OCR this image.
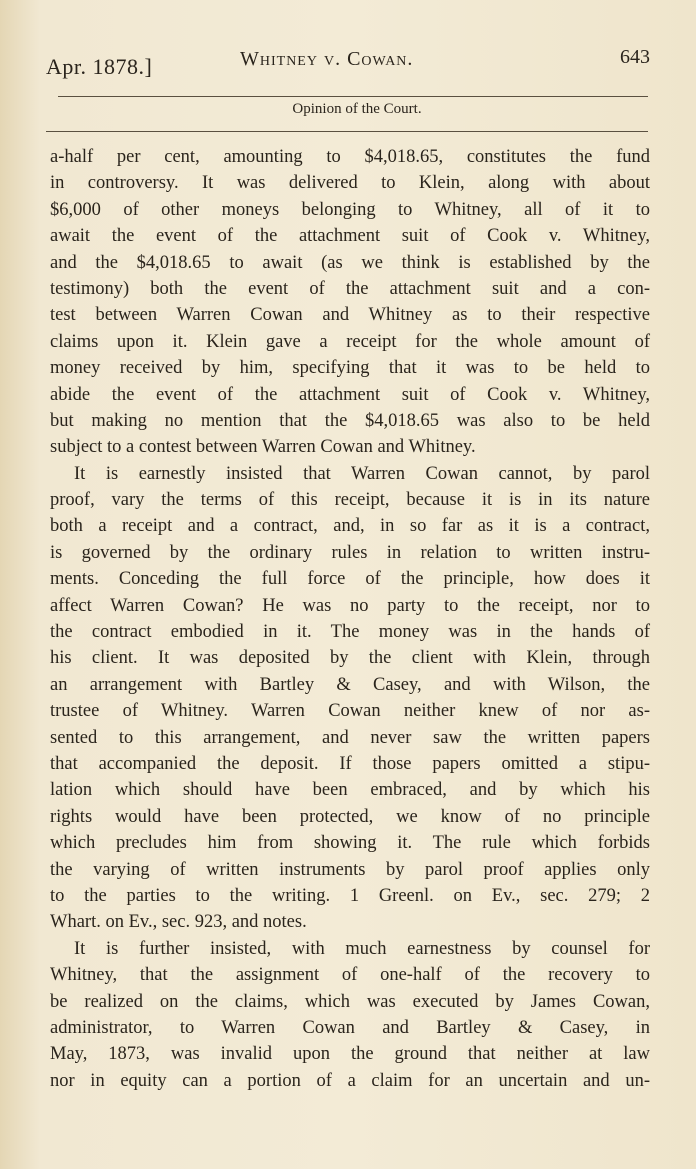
Apr. 1878.]	Whitney v. Cowan.	643
Opinion of the Court.
a-half per cent, amounting to $4,018.65, constitutes the fund
in controversy. It was delivered to Klein, along with about
$6,000 of other moneys belonging to Whitney, all of it to
await the event of the attachment suit of Cook v. Whitney,
and the $4,018.65 to await (as we think is established by the
testimony) both the event of the attachment suit and a con-
test between Warren Cowan and Whitney as to their respective
claims upon it. Klein gave a receipt for the whole amount of
money received by him, specifying that it was to be held to
abide the event of the attachment suit of Cook v. Whitney,
but making no mention that the $4,018.65 was also to be held
subject to a contest between Warren Cowan and Whitney.
It is earnestly insisted that Warren Cowan cannot, by parol
proof, vary the terms of this receipt, because it is in its nature
both a receipt and a contract, and, in so far as it is a contract,
is governed by the ordinary rules in relation to written instru-
ments. Conceding the full force of the principle, how does it
affect Warren Cowan? He was no party to the receipt, nor to
the contract embodied in it. The money was in the hands of
his client. It was deposited by the client with Klein, through
an arrangement with Bartley & Casey, and with Wilson, the
trustee of Whitney. Warren Cowan neither knew of nor as-
sented to this arrangement, and never saw the written papers
that accompanied the deposit. If those papers omitted a stipu-
lation which should have been embraced, and by which his
rights would have been protected, we know of no principle
which precludes him from showing it. The rule which forbids
the varying of written instruments by parol proof applies only
to the parties to the writing. 1 Greenl. on Ev., sec. 279; 2
Whart. on Ev., sec. 923, and notes.
It is further insisted, with much earnestness by counsel for
Whitney, that the assignment of one-half of the recovery to
be realized on the claims, which was executed by James Cowan,
administrator, to Warren Cowan and Bartley & Casey, in
May, 1873, was invalid upon the ground that neither at law
nor in equity can a portion of a claim for an uncertain and un-
